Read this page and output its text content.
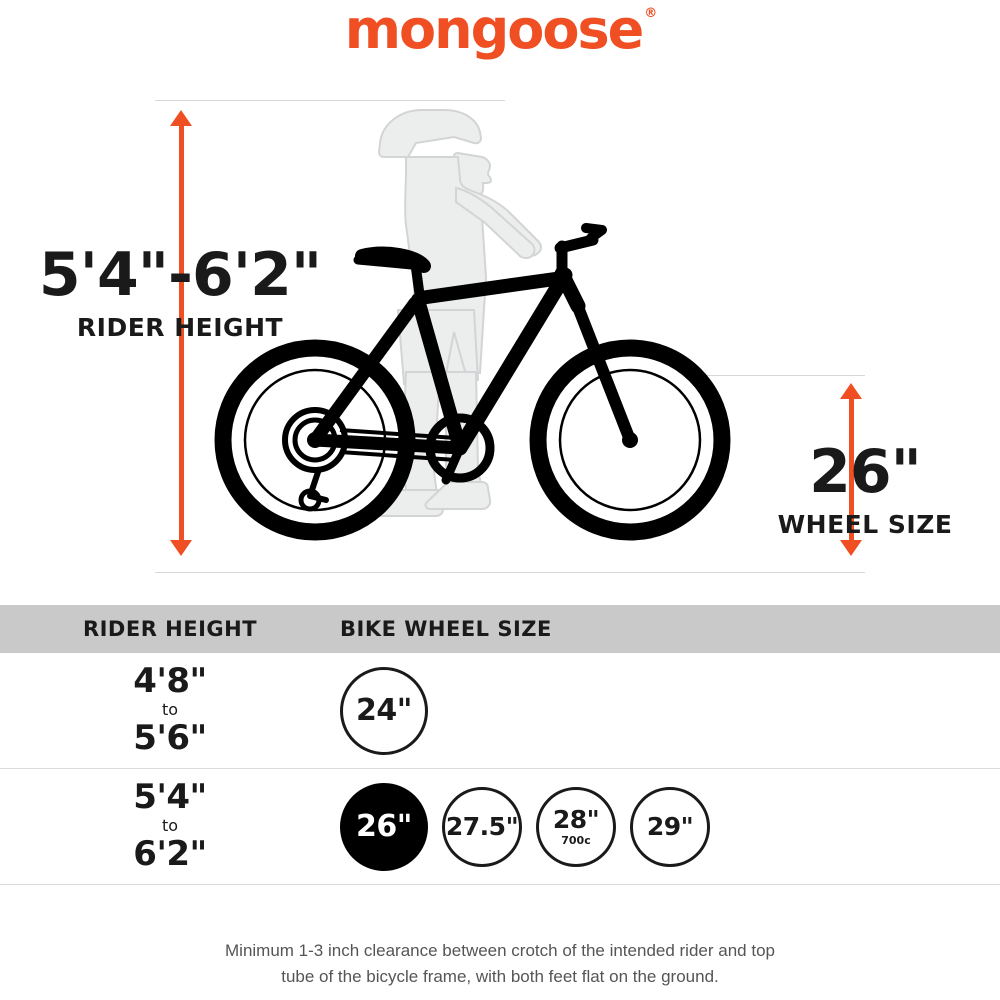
mongoose ®
5'4"-6'2"
RIDER HEIGHT
26"
WHEEL SIZE
RIDER HEIGHT	BIKE WHEEL SIZE
4'8"
to
5'6"
24"
5'4"
to
6'2"
26" 27.5" 28"
700c 29"
Minimum 1-3 inch clearance between crotch of the intended rider and top
tube of the bicycle frame, with both feet flat on the ground.
